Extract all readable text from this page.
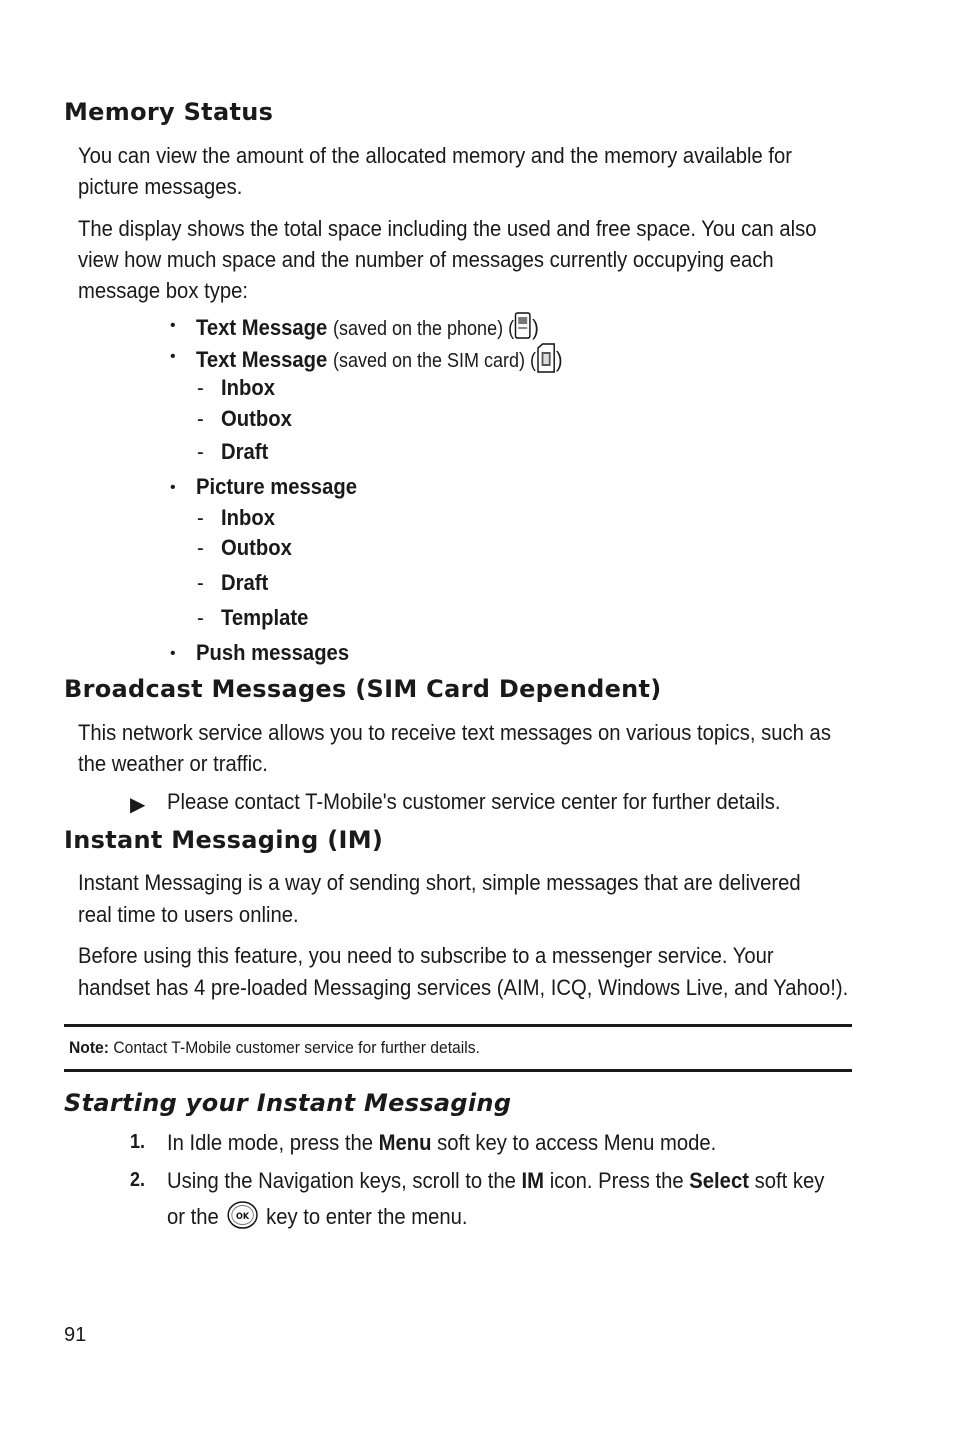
Memory Status
You can view the amount of the allocated memory and the memory available for
picture messages.
The display shows the total space including the used and free space. You can also
view how much space and the number of messages currently occupying each
message box type:
• Text Message (saved on the phone) ( )
• Text Message (saved on the SIM card) ( )
- Inbox
- Outbox
- Draft
• Picture message
- Inbox
- Outbox
- Draft
- Template
• Push messages
Broadcast Messages (SIM Card Dependent)
This network service allows you to receive text messages on various topics, such as
the weather or traffic.
▶ Please contact T-Mobile's customer service center for further details.
Instant Messaging (IM)
Instant Messaging is a way of sending short, simple messages that are delivered
real time to users online.
Before using this feature, you need to subscribe to a messenger service. Your
handset has 4 pre-loaded Messaging services (AIM, ICQ, Windows Live, and Yahoo!).
Note: Contact T-Mobile customer service for further details.
Starting your Instant Messaging
1. In Idle mode, press the Menu soft key to access Menu mode.
2. Using the Navigation keys, scroll to the IM icon. Press the Select soft key
or the OK key to enter the menu.
91
